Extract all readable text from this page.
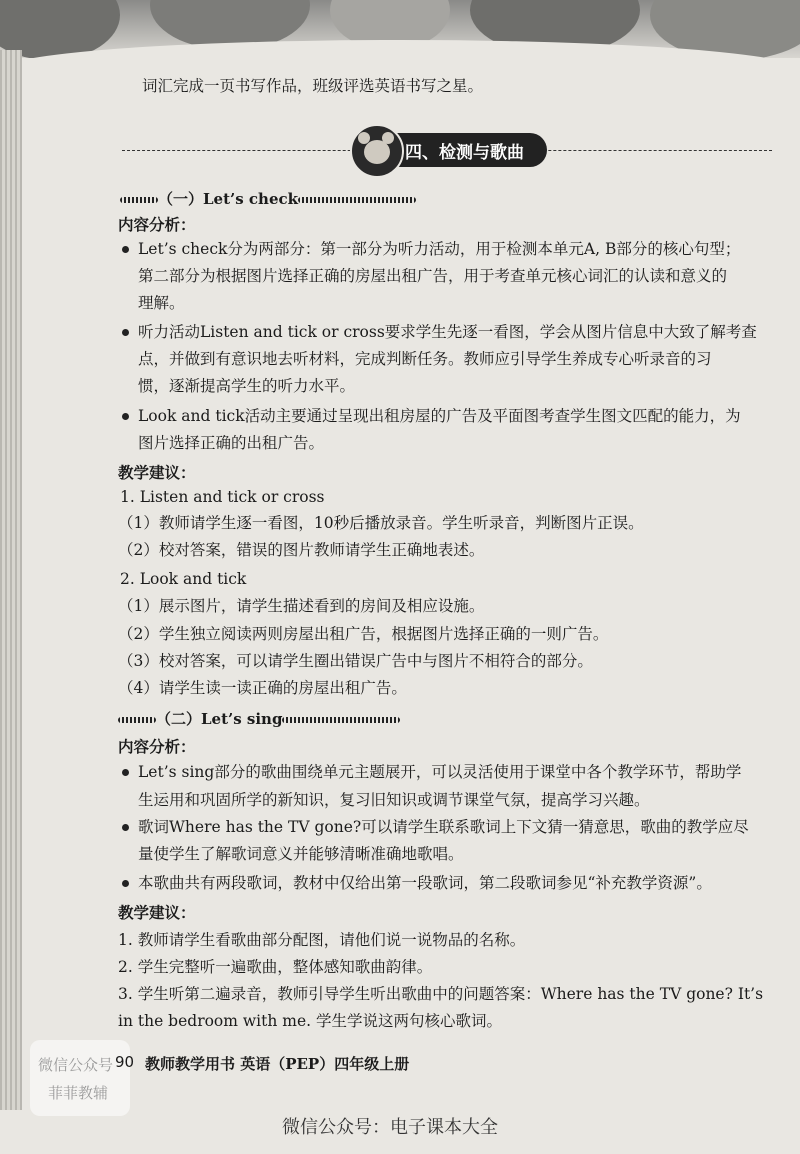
词汇完成一页书写作品，班级评选英语书写之星。
四、检测与歌曲
（一）Let’s check
内容分析：
Let’s check分为两部分：第一部分为听力活动，用于检测本单元A, B部分的核心句型；
第二部分为根据图片选择正确的房屋出租广告，用于考查单元核心词汇的认读和意义的
理解。
听力活动Listen and tick or cross要求学生先逐一看图，学会从图片信息中大致了解考查
点，并做到有意识地去听材料，完成判断任务。教师应引导学生养成专心听录音的习
惯，逐渐提高学生的听力水平。
Look and tick活动主要通过呈现出租房屋的广告及平面图考查学生图文匹配的能力，为
图片选择正确的出租广告。
教学建议：
1. Listen and tick or cross
（1）教师请学生逐一看图，10秒后播放录音。学生听录音，判断图片正误。
（2）校对答案，错误的图片教师请学生正确地表述。
2. Look and tick
（1）展示图片，请学生描述看到的房间及相应设施。
（2）学生独立阅读两则房屋出租广告，根据图片选择正确的一则广告。
（3）校对答案，可以请学生圈出错误广告中与图片不相符合的部分。
（4）请学生读一读正确的房屋出租广告。
（二）Let’s sing
内容分析：
Let’s sing部分的歌曲围绕单元主题展开，可以灵活使用于课堂中各个教学环节，帮助学
生运用和巩固所学的新知识，复习旧知识或调节课堂气氛，提高学习兴趣。
歌词Where has the TV gone?可以请学生联系歌词上下文猜一猜意思，歌曲的教学应尽
量使学生了解歌词意义并能够清晰准确地歌唱。
本歌曲共有两段歌词，教材中仅给出第一段歌词，第二段歌词参见“补充教学资源”。
教学建议：
1. 教师请学生看歌曲部分配图，请他们说一说物品的名称。
2. 学生完整听一遍歌曲，整体感知歌曲韵律。
3. 学生听第二遍录音，教师引导学生听出歌曲中的问题答案：Where has the TV gone? It’s
in the bedroom with me. 学生学说这两句核心歌词。
微信公众号
菲菲教辅
90 教师教学用书 英语（PEP）四年级上册
微信公众号：电子课本大全
